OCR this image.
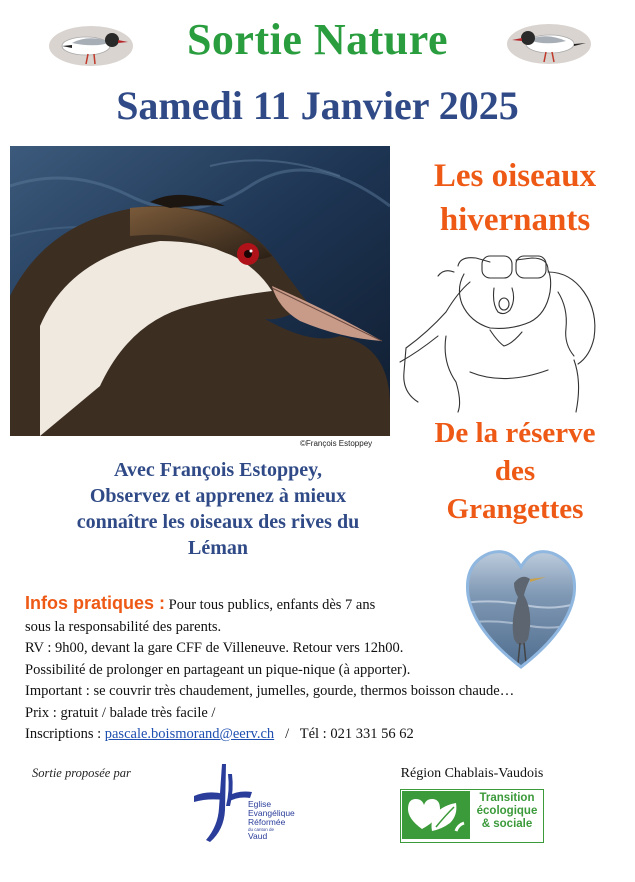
Sortie Nature
Samedi 11 Janvier 2025
©François Estoppey
Les oiseaux
hivernants
De la réserve
des
Grangettes
Avec François Estoppey,
Observez et apprenez à mieux
connaître les oiseaux des rives du
Léman
Infos pratiques : Pour tous publics, enfants dès 7 ans
sous la responsabilité des parents.
RV : 9h00, devant la gare CFF de Villeneuve. Retour vers 12h00.
Possibilité de prolonger en partageant un pique-nique (à apporter).
Important : se couvrir très chaudement, jumelles, gourde, thermos boisson chaude…
Prix : gratuit / balade très facile /
Inscriptions : pascale.boismorand@eerv.ch   /   Tél : 021 331 56 62
Sortie proposée par	Région Chablais-Vaudois
Eglise
Evangélique
Réformée
du canton de
Vaud
Transition
écologique
& sociale
